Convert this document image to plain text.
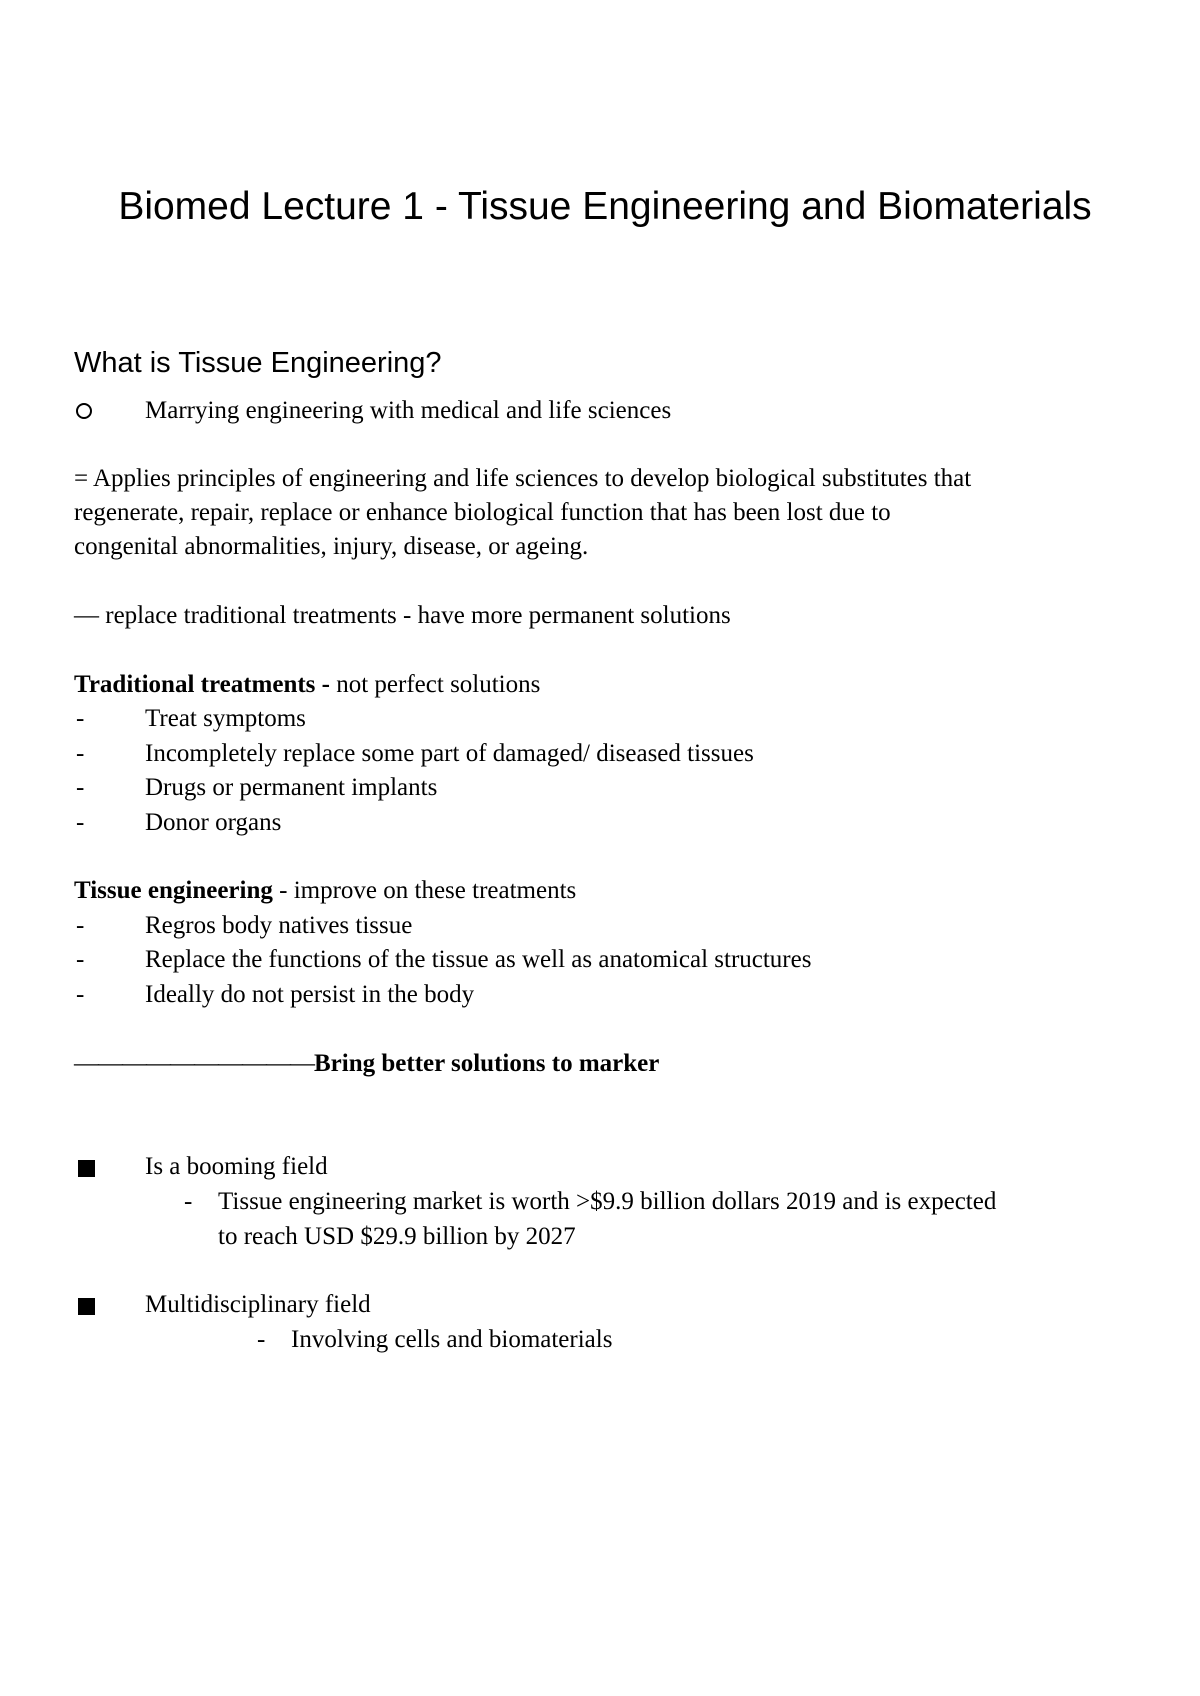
Biomed Lecture 1 - Tissue Engineering and Biomaterials
What is Tissue Engineering?
Marrying engineering with medical and life sciences
= Applies principles of engineering and life sciences to develop biological substitutes that
regenerate, repair, replace or enhance biological function that has been lost due to
congenital abnormalities, injury, disease, or ageing.
— replace traditional treatments - have more permanent solutions
Traditional treatments - not perfect solutions
- Treat symptoms
- Incompletely replace some part of damaged/ diseased tissues
- Drugs or permanent implants
- Donor organs
Tissue engineering - improve on these treatments
- Regros body natives tissue
- Replace the functions of the tissue as well as anatomical structures
- Ideally do not persist in the body
——————————Bring better solutions to marker
Is a booming field
- Tissue engineering market is worth >$9.9 billion dollars 2019 and is expected
to reach USD $29.9 billion by 2027
Multidisciplinary field
- Involving cells and biomaterials
